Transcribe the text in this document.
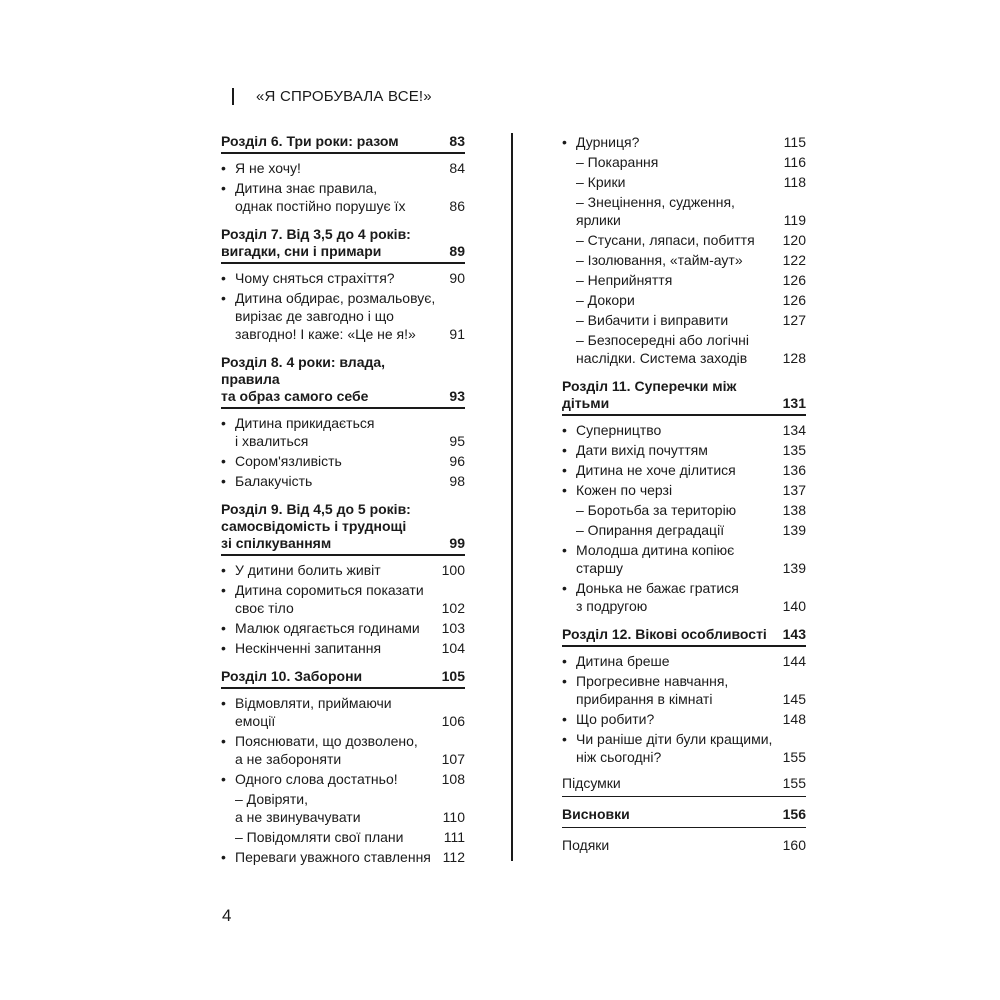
«Я СПРОБУВАЛА ВСЕ!»
Розділ 6. Три роки: разом	83
• Я не хочу!	84
• Дитина знає правила,
однак постійно порушує їх	86
Розділ 7. Від 3,5 до 4 років:
вигадки, сни і примари	89
• Чому сняться страхіття?	90
• Дитина обдирає, розмальовує,
вирізає де завгодно і що
завгодно! І каже: «Це не я!»	91
Розділ 8. 4 роки: влада, правила
та образ самого себе	93
• Дитина прикидається
і хвалиться	95
• Сором'язливість	96
• Балакучість	98
Розділ 9. Від 4,5 до 5 років:
самосвідомість і труднощі
зі спілкуванням	99
• У дитини болить живіт	100
• Дитина соромиться показати
своє тіло	102
• Малюк одягається годинами	103
• Нескінченні запитання	104
Розділ 10. Заборони	105
• Відмовляти, приймаючи
емоції	106
• Пояснювати, що дозволено,
а не забороняти	107
• Одного слова достатньо!	108
– Довіряти,
а не звинувачувати	110
– Повідомляти свої плани	111
• Переваги уважного ставлення 112
• Дурниця?	115
– Покарання	116
– Крики	118
– Знецінення, судження,
ярлики	119
– Стусани, ляпаси, побиття	120
– Ізолювання, «тайм-аут»	122
– Неприйняття	126
– Докори	126
– Вибачити і виправити	127
– Безпосередні або логічні
наслідки. Система заходів	128
Розділ 11. Суперечки між
дітьми	131
• Суперництво	134
• Дати вихід почуттям	135
• Дитина не хоче ділитися	136
• Кожен по черзі	137
– Боротьба за територію	138
– Опирання деградації	139
• Молодша дитина копіює
старшу	139
• Донька не бажає гратися
з подругою	140
Розділ 12. Вікові особливості	143
• Дитина бреше	144
• Прогресивне навчання,
прибирання в кімнаті	145
• Що робити?	148
• Чи раніше діти були кращими,
ніж сьогодні?	155
Підсумки	155
Висновки	156
Подяки	160
4
